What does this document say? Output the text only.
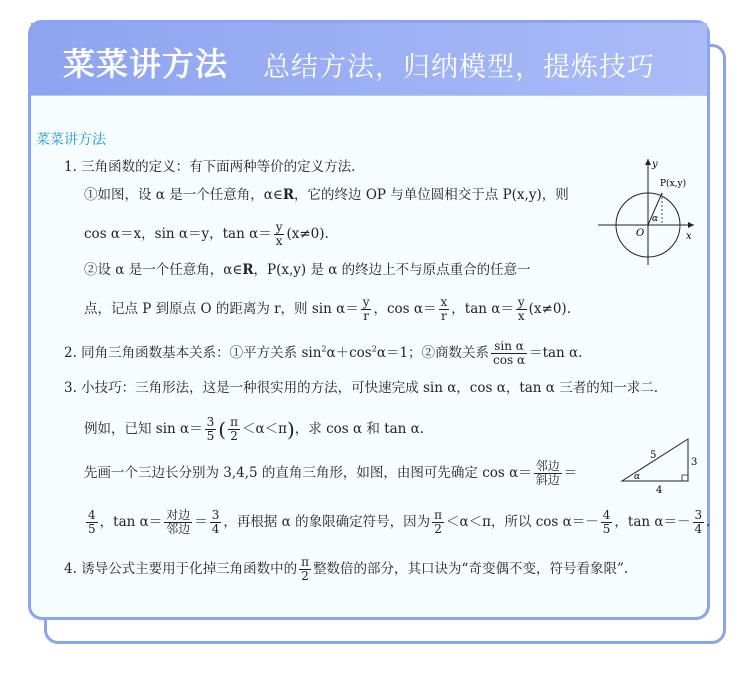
菜菜讲方法 总结方法，归纳模型，提炼技巧
菜菜讲方法
1. 三角函数的定义：有下面两种等价的定义方法.
①如图，设 α 是一个任意角，α∈R，它的终边 OP 与单位圆相交于点 P(x,y)，则
cos α＝x，sin α＝y，$\tan \alpha= \frac{y}{x} (x\ne 0)$.
②设 α 是一个任意角，α∈R，P(x,y) 是 α 的终边上不与原点重合的任意一
点，记点 P 到原点 O 的距离为 r，则 $\sin \alpha= \frac{y}{r}$ ，$\cos \alpha= \frac{x}{r}$ ，$\tan \alpha= \frac{y}{x} (x\ne 0)$.
y
x
P(x,y)
O
α
2. 同角三角函数基本关系：①平方关系 $\sin^2\alpha+\cos^2\alpha=1$；②商数关系 $\frac{\text{sin α}}{\text{cos α}} =\tan$ α.
3. 小技巧：三角形法，这是一种很实用的方法，可快速完成 sin α，cos α，tan α 三者的知一求二.
例如，已知 $\sin \alpha= \frac{3}{5}$ ( $\frac{\pi}{2} <\alpha<\pi$)，求 cos α 和 tan α.
先画一个三边长分别为 3,4,5 的直角三角形，如图，由图可先确定 $\cos \alpha= \frac{\text{邻边}}{\text{斜边}}$ ＝
$\frac{4}{5}$ ，$\tan \alpha= \frac{\text{对边}}{\text{邻边}} = \frac{3}{4}$ ，再根据 α 的象限确定符号，因为 $\frac{\pi}{2} <\alpha<\pi$，所以 $\cos \alpha=- \frac{4}{5}$ ，$\tan \alpha=- \frac{3}{4}$ .
5
3
4
α
4. 诱导公式主要用于化掉三角函数中的 $\frac{\pi}{2}$ 整数倍的部分，其口诀为“奇变偶不变，符号看象限”.
